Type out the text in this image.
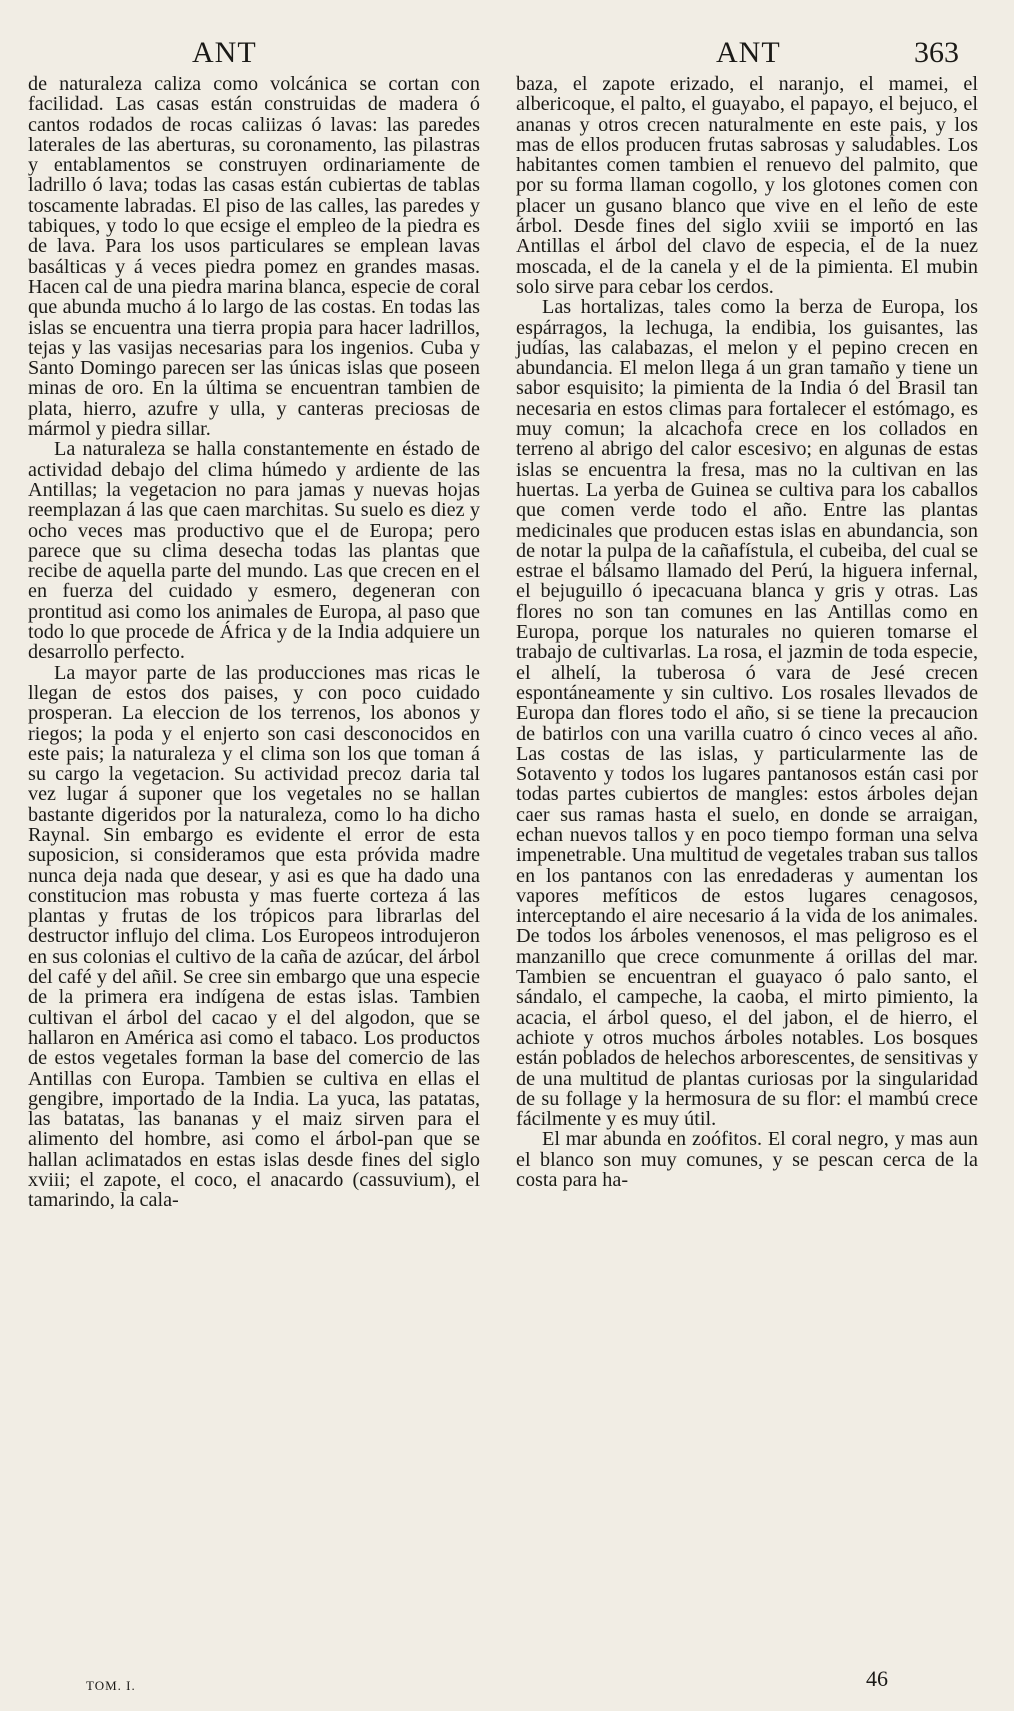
ANT	ANT	363

de naturaleza caliza como volcánica se cortan con facilidad. Las casas están construidas de madera ó cantos rodados de rocas caliizas ó lavas: las paredes laterales de las aberturas, su coronamento, las pilastras y entablamentos se construyen ordinariamente de ladrillo ó lava; todas las casas están cubiertas de tablas toscamente labradas. El piso de las calles, las paredes y tabiques, y todo lo que ecsige el empleo de la piedra es de lava. Para los usos particulares se emplean lavas basálticas y á veces piedra pomez en grandes masas. Hacen cal de una piedra marina blanca, especie de coral que abunda mucho á lo largo de las costas. En todas las islas se encuentra una tierra propia para hacer ladrillos, tejas y las vasijas necesarias para los ingenios. Cuba y Santo Domingo parecen ser las únicas islas que poseen minas de oro. En la última se encuentran tambien de plata, hierro, azufre y ulla, y canteras preciosas de mármol y piedra sillar.

La naturaleza se halla constantemente en éstado de actividad debajo del clima húmedo y ardiente de las Antillas; la vegetacion no para jamas y nuevas hojas reemplazan á las que caen marchitas. Su suelo es diez y ocho veces mas productivo que el de Europa; pero parece que su clima desecha todas las plantas que recibe de aquella parte del mundo. Las que crecen en el en fuerza del cuidado y esmero, degeneran con prontitud asi como los animales de Europa, al paso que todo lo que procede de África y de la India adquiere un desarrollo perfecto.

La mayor parte de las producciones mas ricas le llegan de estos dos paises, y con poco cuidado prosperan. La eleccion de los terrenos, los abonos y riegos; la poda y el enjerto son casi desconocidos en este pais; la naturaleza y el clima son los que toman á su cargo la vegetacion. Su actividad precoz daria tal vez lugar á suponer que los vegetales no se hallan bastante digeridos por la naturaleza, como lo ha dicho Raynal. Sin embargo es evidente el error de esta suposicion, si consideramos que esta próvida madre nunca deja nada que desear, y asi es que ha dado una constitucion mas robusta y mas fuerte corteza á las plantas y frutas de los trópicos para librarlas del destructor influjo del clima. Los Europeos introdujeron en sus colonias el cultivo de la caña de azúcar, del árbol del café y del añil. Se cree sin embargo que una especie de la primera era indígena de estas islas. Tambien cultivan el árbol del cacao y el del algodon, que se hallaron en América asi como el tabaco. Los productos de estos vegetales forman la base del comercio de las Antillas con Europa. Tambien se cultiva en ellas el gengibre, importado de la India. La yuca, las patatas, las batatas, las bananas y el maiz sirven para el alimento del hombre, asi como el árbol-pan que se hallan aclimatados en estas islas desde fines del siglo xviii; el zapote, el coco, el anacardo (cassuvium), el tamarindo, la cala-

baza, el zapote erizado, el naranjo, el mamei, el albericoque, el palto, el guayabo, el papayo, el bejuco, el ananas y otros crecen naturalmente en este pais, y los mas de ellos producen frutas sabrosas y saludables. Los habitantes comen tambien el renuevo del palmito, que por su forma llaman cogollo, y los glotones comen con placer un gusano blanco que vive en el leño de este árbol. Desde fines del siglo xviii se importó en las Antillas el árbol del clavo de especia, el de la nuez moscada, el de la canela y el de la pimienta. El mubin solo sirve para cebar los cerdos.

Las hortalizas, tales como la berza de Europa, los espárragos, la lechuga, la endibia, los guisantes, las judías, las calabazas, el melon y el pepino crecen en abundancia. El melon llega á un gran tamaño y tiene un sabor esquisito; la pimienta de la India ó del Brasil tan necesaria en estos climas para fortalecer el estómago, es muy comun; la alcachofa crece en los collados en terreno al abrigo del calor escesivo; en algunas de estas islas se encuentra la fresa, mas no la cultivan en las huertas. La yerba de Guinea se cultiva para los caballos que comen verde todo el año. Entre las plantas medicinales que producen estas islas en abundancia, son de notar la pulpa de la cañafístula, el cubeiba, del cual se estrae el bálsamo llamado del Perú, la higuera infernal, el bejuguillo ó ipecacuana blanca y gris y otras. Las flores no son tan comunes en las Antillas como en Europa, porque los naturales no quieren tomarse el trabajo de cultivarlas. La rosa, el jazmin de toda especie, el alhelí, la tuberosa ó vara de Jesé crecen espontáneamente y sin cultivo. Los rosales llevados de Europa dan flores todo el año, si se tiene la precaucion de batirlos con una varilla cuatro ó cinco veces al año. Las costas de las islas, y particularmente las de Sotavento y todos los lugares pantanosos están casi por todas partes cubiertos de mangles: estos árboles dejan caer sus ramas hasta el suelo, en donde se arraigan, echan nuevos tallos y en poco tiempo forman una selva impenetrable. Una multitud de vegetales traban sus tallos en los pantanos con las enredaderas y aumentan los vapores mefíticos de estos lugares cenagosos, interceptando el aire necesario á la vida de los animales. De todos los árboles venenosos, el mas peligroso es el manzanillo que crece comunmente á orillas del mar. Tambien se encuentran el guayaco ó palo santo, el sándalo, el campeche, la caoba, el mirto pimiento, la acacia, el árbol queso, el del jabon, el de hierro, el achiote y otros muchos árboles notables. Los bosques están poblados de helechos arborescentes, de sensitivas y de una multitud de plantas curiosas por la singularidad de su follage y la hermosura de su flor: el mambú crece fácilmente y es muy útil.

El mar abunda en zoófitos. El coral negro, y mas aun el blanco son muy comunes, y se pescan cerca de la costa para ha-

TOM. I.	46
